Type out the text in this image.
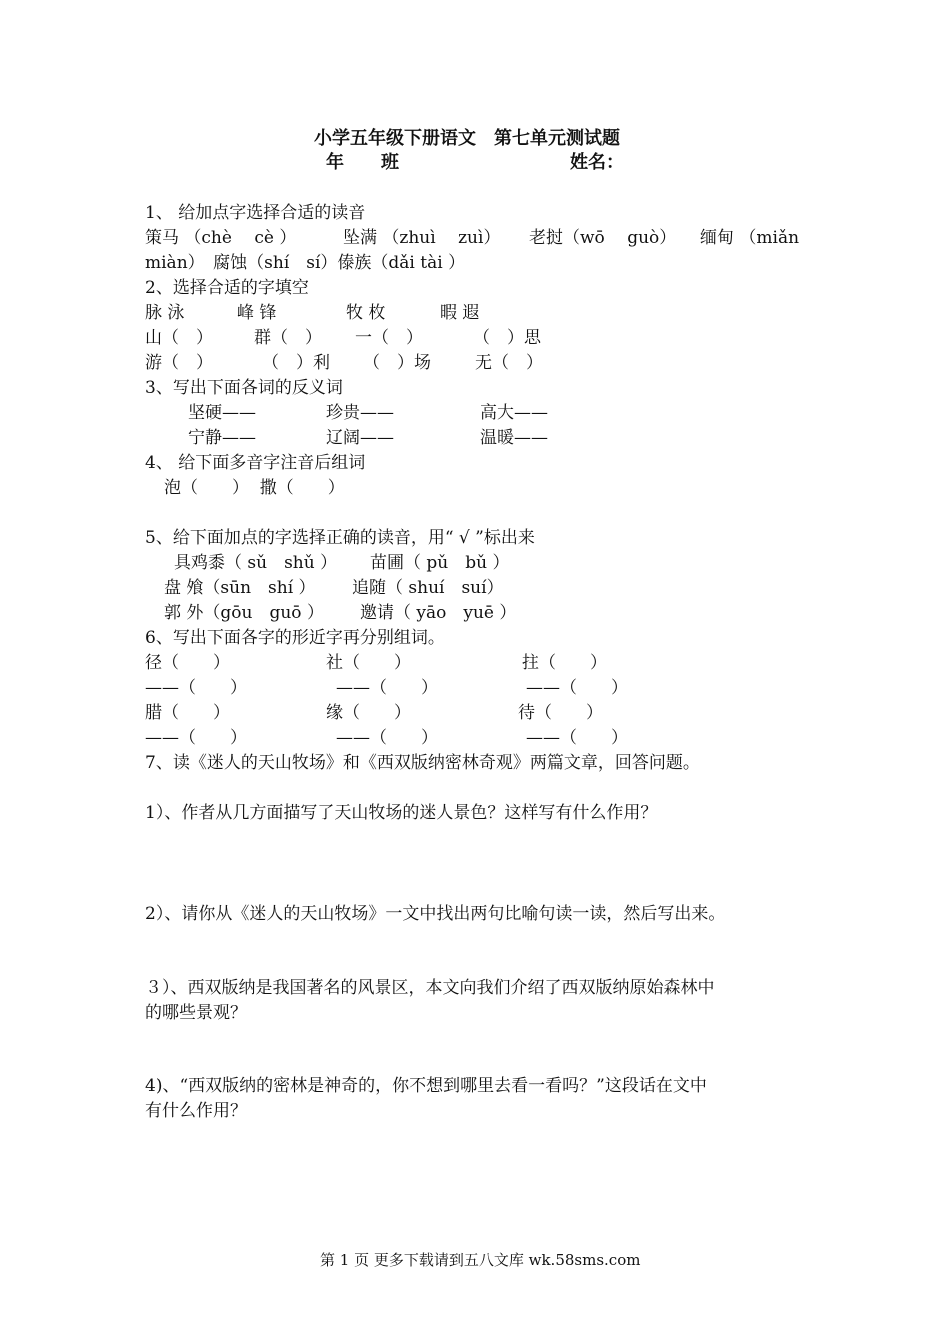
小学五年级下册语文　第七单元测试题
年 班	姓名：
1、 给加点字选择合适的读音
策马 （chè　 cè ）	坠满 （zhuì　 zuì） 老挝（wō　 guò） 缅甸 （miǎn
miàn）　腐蚀（shí　sí）傣族（dǎi tài ）
2、选择合适的字填空
脉 泳	峰 锋	牧 枚	暇 遐
山（　） 群（　） 一（　）	（　）思
游（　）	（　）利 （　）场	无（　）
3、写出下面各词的反义词
坚硬——	珍贵——	高大——
宁静——	辽阔——	温暖——
4、 给下面多音字注音后组词
泡（　　）  撒（　　）
5、给下面加点的字选择正确的读音，用“ √ ”标出来
具鸡黍（ sǔ　shǔ ） 苗圃（ pǔ　bǔ ）
盘 飧（sūn　shí ） 追随（ shuí　suí）
郭 外（gōu　guō ） 邀请（ yāo　yuē ）
6、写出下面各字的形近字再分别组词。
径（　　）	社（　　）	拄（　　）
——（　　）	——（　　）	——（　　）
腊（　　）	缘（　　）	待（　　）
——（　　）	——（　　）	——（　　）
7、读《迷人的天山牧场》和《西双版纳密林奇观》两篇文章，回答问题。
1）、作者从几方面描写了天山牧场的迷人景色？这样写有什么作用？
2）、请你从《迷人的天山牧场》一文中找出两句比喻句读一读，然后写出来。
３）、西双版纳是我国著名的风景区，本文向我们介绍了西双版纳原始森林中
的哪些景观？
4)、“西双版纳的密林是神奇的，你不想到哪里去看一看吗？”这段话在文中
有什么作用？
第 1 页 更多下载请到五八文库 wk.58sms.com
